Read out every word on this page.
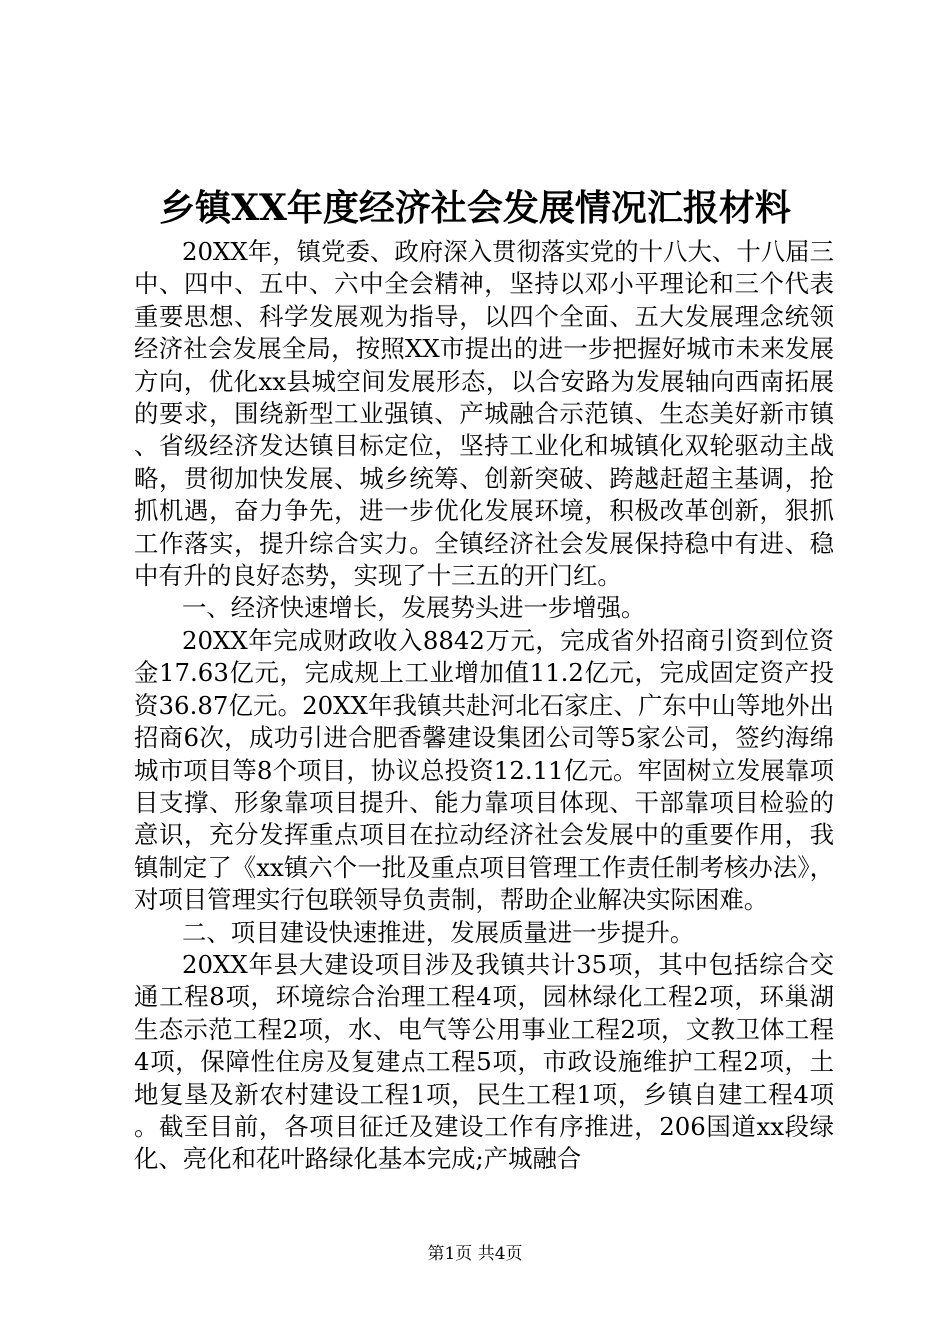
乡镇XX年度经济社会发展情况汇报材料

20XX年，镇党委、政府深入贯彻落实党的十八大、十八届三中、四中、五中、六中全会精神，坚持以邓小平理论和三个代表重要思想、科学发展观为指导，以四个全面、五大发展理念统领经济社会发展全局，按照XX市提出的进一步把握好城市未来发展方向，优化xx县城空间发展形态，以合安路为发展轴向西南拓展的要求，围绕新型工业强镇、产城融合示范镇、生态美好新市镇、省级经济发达镇目标定位，坚持工业化和城镇化双轮驱动主战略，贯彻加快发展、城乡统筹、创新突破、跨越赶超主基调，抢抓机遇，奋力争先，进一步优化发展环境，积极改革创新，狠抓工作落实，提升综合实力。全镇经济社会发展保持稳中有进、稳中有升的良好态势，实现了十三五的开门红。

一、经济快速增长，发展势头进一步增强。

20XX年完成财政收入8842万元，完成省外招商引资到位资金17.63亿元，完成规上工业增加值11.2亿元，完成固定资产投资36.87亿元。20XX年我镇共赴河北石家庄、广东中山等地外出招商6次，成功引进合肥香馨建设集团公司等5家公司，签约海绵城市项目等8个项目，协议总投资12.11亿元。牢固树立发展靠项目支撑、形象靠项目提升、能力靠项目体现、干部靠项目检验的意识，充分发挥重点项目在拉动经济社会发展中的重要作用，我镇制定了《xx镇六个一批及重点项目管理工作责任制考核办法》，对项目管理实行包联领导负责制，帮助企业解决实际困难。

二、项目建设快速推进，发展质量进一步提升。

20XX年县大建设项目涉及我镇共计35项，其中包括综合交通工程8项，环境综合治理工程4项，园林绿化工程2项，环巢湖生态示范工程2项，水、电气等公用事业工程2项，文教卫体工程4项，保障性住房及复建点工程5项，市政设施维护工程2项，土地复垦及新农村建设工程1项，民生工程1项，乡镇自建工程4项。截至目前，各项目征迁及建设工作有序推进，206国道xx段绿化、亮化和花叶路绿化基本完成;产城融合

第1页 共4页
